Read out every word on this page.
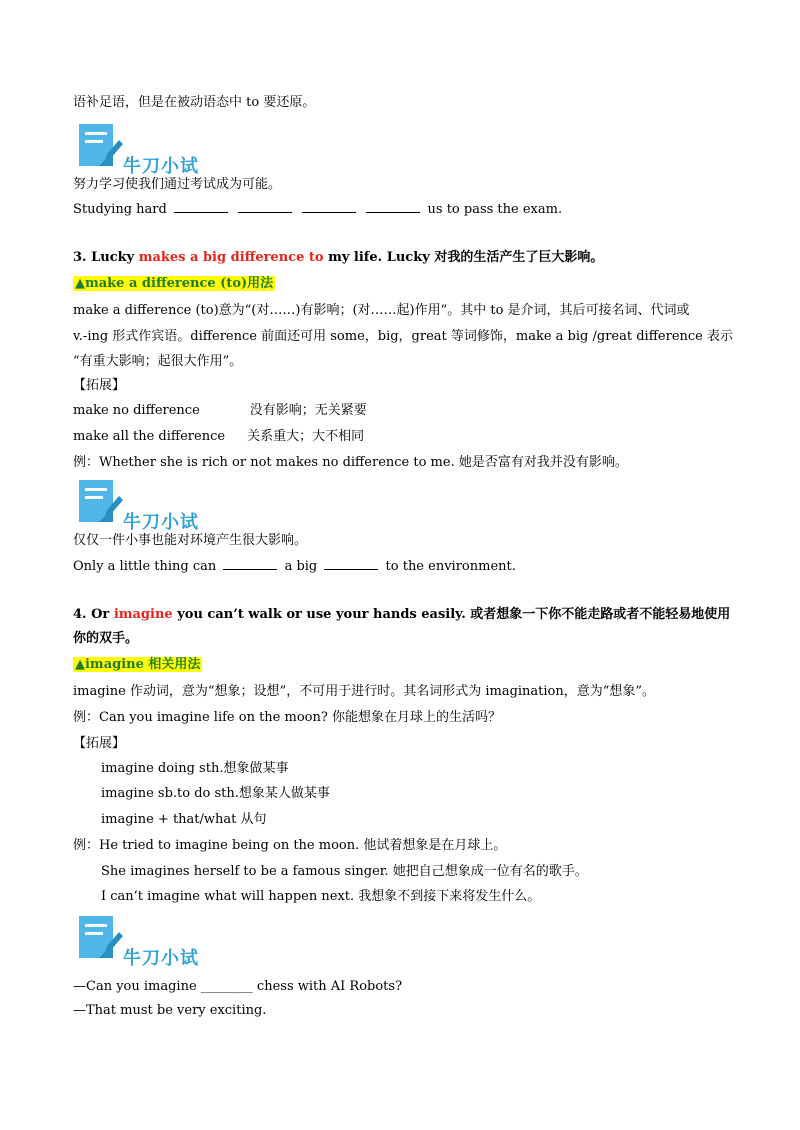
语补足语，但是在被动语态中 to 要还原。
牛刀小试
努力学习使我们通过考试成为可能。
Studying hard	us to pass the exam.
3. Lucky makes a big difference to my life. Lucky 对我的生活产生了巨大影响。
▲make a difference (to)用法
make a difference (to)意为“(对……)有影响；(对……起)作用”。其中 to 是介词，其后可接名词、代词或
v.-ing 形式作宾语。difference 前面还可用 some，big，great 等词修饰，make a big /great difference 表示
“有重大影响；起很大作用”。
【拓展】
make no difference	没有影响；无关紧要
make all the difference 关系重大；大不相同
例：Whether she is rich or not makes no difference to me. 她是否富有对我并没有影响。
牛刀小试
仅仅一件小事也能对环境产生很大影响。
Only a little thing can	a big	to the environment.
4. Or imagine you can’t walk or use your hands easily. 或者想象一下你不能走路或者不能轻易地使用
你的双手。
▲imagine 相关用法
imagine 作动词，意为“想象；设想”，不可用于进行时。其名词形式为 imagination，意为“想象”。
例：Can you imagine life on the moon? 你能想象在月球上的生活吗？
【拓展】
imagine doing sth.想象做某事
imagine sb.to do sth.想象某人做某事
imagine + that/what 从句
例：He tried to imagine being on the moon. 他试着想象是在月球上。
She imagines herself to be a famous singer. 她把自己想象成一位有名的歌手。
I can’t imagine what will happen next. 我想象不到接下来将发生什么。
牛刀小试
—Can you imagine ________ chess with AI Robots?
—That must be very exciting.
